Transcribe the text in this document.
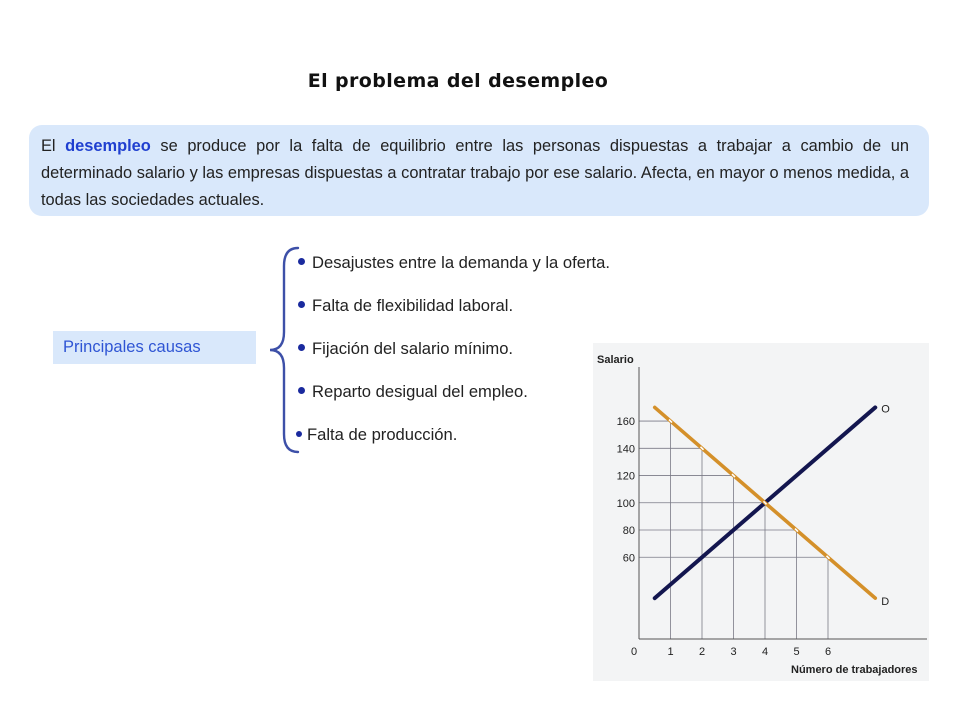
El problema del desempleo
El desempleo se produce por la falta de equilibrio entre las personas dispuestas a trabajar a cambio de un determinado salario y las empresas dispuestas a contratar trabajo por ese salario. Afecta, en mayor o menos medida, a todas las sociedades actuales.
Principales causas
Desajustes entre la demanda y la oferta.
Falta de flexibilidad laboral.
Fijación del salario mínimo.
Reparto desigual del empleo.
Falta de producción.
Salario
Número de trabajadores
0	1 2 3 4 5 6
60
80
100
120
140
160
O
D
